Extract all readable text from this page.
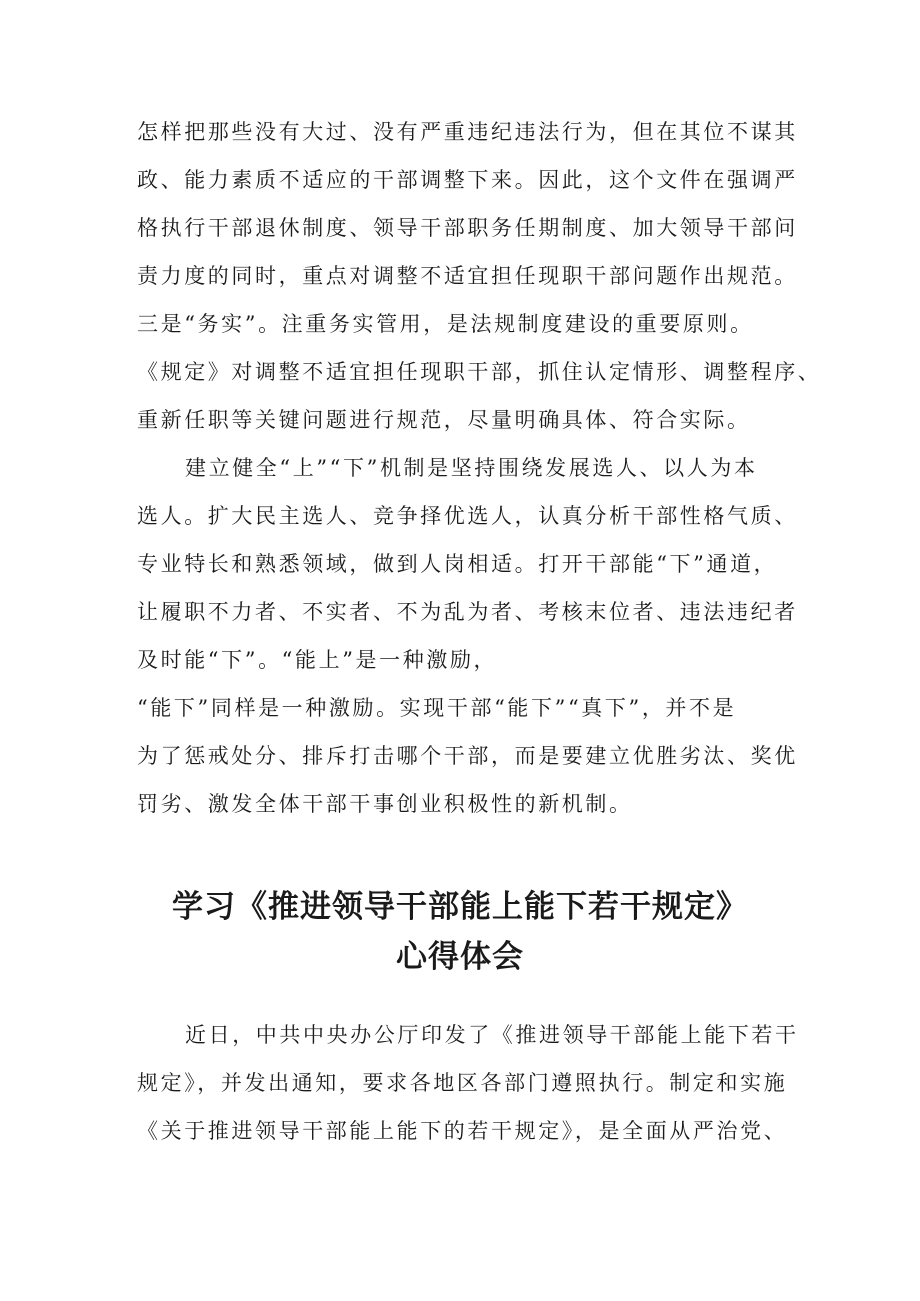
怎样把那些没有大过、没有严重违纪违法行为，但在其位不谋其
政、能力素质不适应的干部调整下来。因此，这个文件在强调严
格执行干部退休制度、领导干部职务任期制度、加大领导干部问
责力度的同时，重点对调整不适宜担任现职干部问题作出规范。
三是“务实”。注重务实管用，是法规制度建设的重要原则。
《规定》对调整不适宜担任现职干部，抓住认定情形、调整程序、
重新任职等关键问题进行规范，尽量明确具体、符合实际。
建立健全“上”“下”机制是坚持围绕发展选人、以人为本
选人。扩大民主选人、竞争择优选人，认真分析干部性格气质、
专业特长和熟悉领域，做到人岗相适。打开干部能“下”通道，
让履职不力者、不实者、不为乱为者、考核末位者、违法违纪者
及时能“下”。“能上”是一种激励，
“能下”同样是一种激励。实现干部“能下”“真下”，并不是
为了惩戒处分、排斥打击哪个干部，而是要建立优胜劣汰、奖优
罚劣、激发全体干部干事创业积极性的新机制。
学习《推进领导干部能上能下若干规定》
心得体会
近日，中共中央办公厅印发了《推进领导干部能上能下若干
规定》，并发出通知，要求各地区各部门遵照执行。制定和实施
《关于推进领导干部能上能下的若干规定》，是全面从严治党、
